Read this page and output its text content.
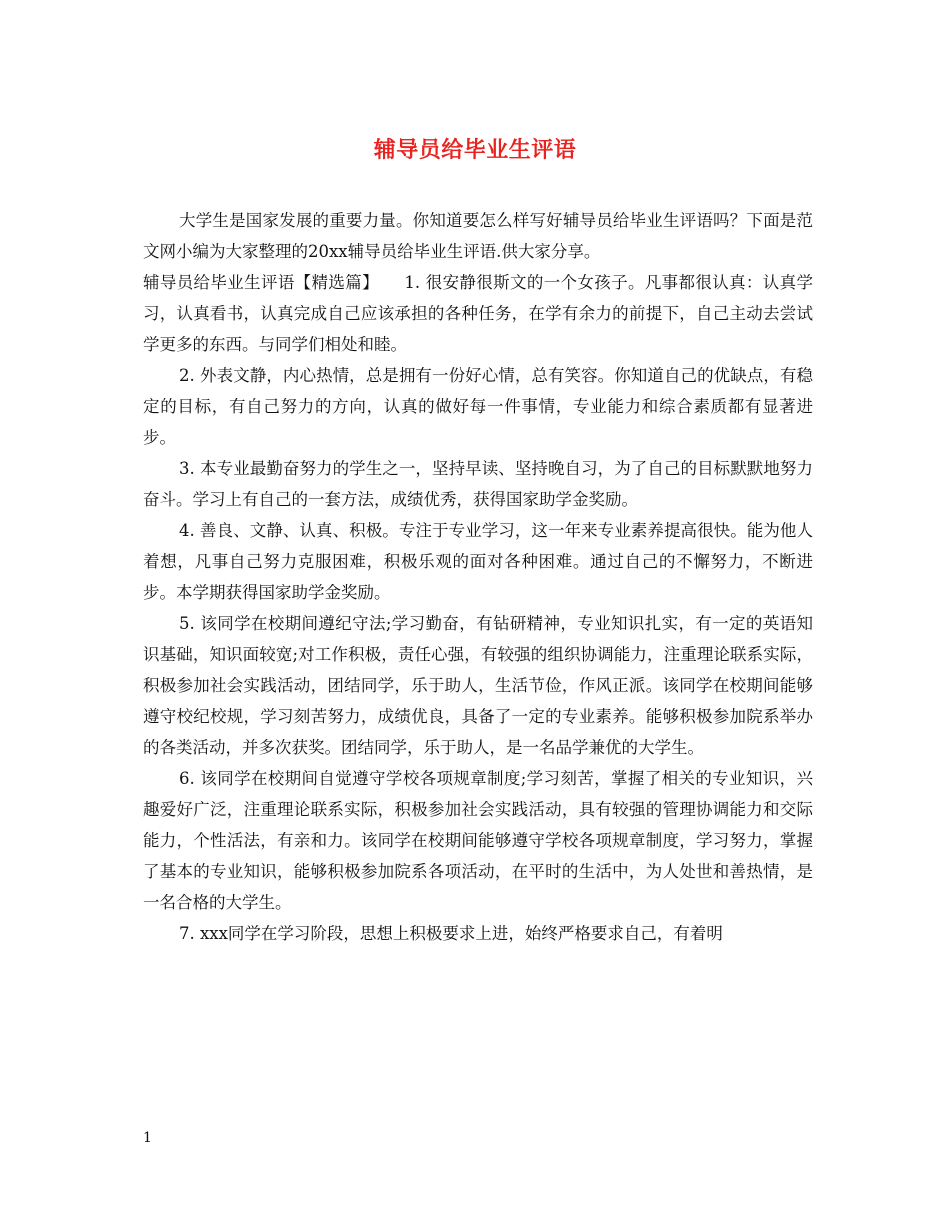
辅导员给毕业生评语

大学生是国家发展的重要力量。你知道要怎么样写好辅导员给毕业生评语吗？下面是范文网小编为大家整理的20xx辅导员给毕业生评语.供大家分享。

辅导员给毕业生评语【精选篇】　　1. 很安静很斯文的一个女孩子。凡事都很认真：认真学习，认真看书，认真完成自己应该承担的各种任务，在学有余力的前提下，自己主动去尝试学更多的东西。与同学们相处和睦。

2. 外表文静，内心热情，总是拥有一份好心情，总有笑容。你知道自己的优缺点，有稳定的目标，有自己努力的方向，认真的做好每一件事情，专业能力和综合素质都有显著进步。

3. 本专业最勤奋努力的学生之一，坚持早读、坚持晚自习，为了自己的目标默默地努力奋斗。学习上有自己的一套方法，成绩优秀，获得国家助学金奖励。

4. 善良、文静、认真、积极。专注于专业学习，这一年来专业素养提高很快。能为他人着想，凡事自己努力克服困难，积极乐观的面对各种困难。通过自己的不懈努力，不断进步。本学期获得国家助学金奖励。

5. 该同学在校期间遵纪守法;学习勤奋，有钻研精神，专业知识扎实，有一定的英语知识基础，知识面较宽;对工作积极，责任心强，有较强的组织协调能力，注重理论联系实际，积极参加社会实践活动，团结同学，乐于助人，生活节俭，作风正派。该同学在校期间能够遵守校纪校规，学习刻苦努力，成绩优良，具备了一定的专业素养。能够积极参加院系举办的各类活动，并多次获奖。团结同学，乐于助人，是一名品学兼优的大学生。

6. 该同学在校期间自觉遵守学校各项规章制度;学习刻苦，掌握了相关的专业知识，兴趣爱好广泛，注重理论联系实际，积极参加社会实践活动，具有较强的管理协调能力和交际能力，个性活法，有亲和力。该同学在校期间能够遵守学校各项规章制度，学习努力，掌握了基本的专业知识，能够积极参加院系各项活动，在平时的生活中，为人处世和善热情，是一名合格的大学生。

7. xxx同学在学习阶段，思想上积极要求上进，始终严格要求自己，有着明

1
